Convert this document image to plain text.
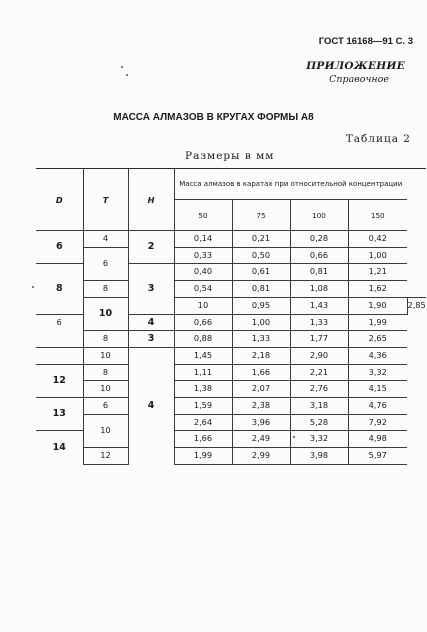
ГОСТ 16168—91 С. 3
ПРИЛОЖЕНИЕ
Справочное
МАССА АЛМАЗОВ В КРУГАХ ФОРМЫ А8
Таблица 2
Размеры в мм
D	T	H	Масса алмазов в каратах при относительной концентрации				
			50	75	100	150	
6	4	2	0,14	0,21	0,28	0,42	
	6		0,33	0,50	0,66	1,00	
8		3	0,40	0,61	0,81	1,21	
	8		0,54	0,81	1,08	1,62	
	10		10	0,95	1,43	1,90	2,85
6		4	0,66	1,00	1,33	1,99	
	8	3	0,88	1,33	1,77	2,65	
	10	4	1,45	2,18	2,90	4,36	
12	8		1,11	1,66	2,21	3,32	
	10		1,38	2,07	2,76	4,15	
13	6		1,59	2,38	3,18	4,76	
	10		2,64	3,96	5,28	7,92	
14			1,66	2,49	3,32	4,98	
	12		1,99	2,99	3,98	5,97	
